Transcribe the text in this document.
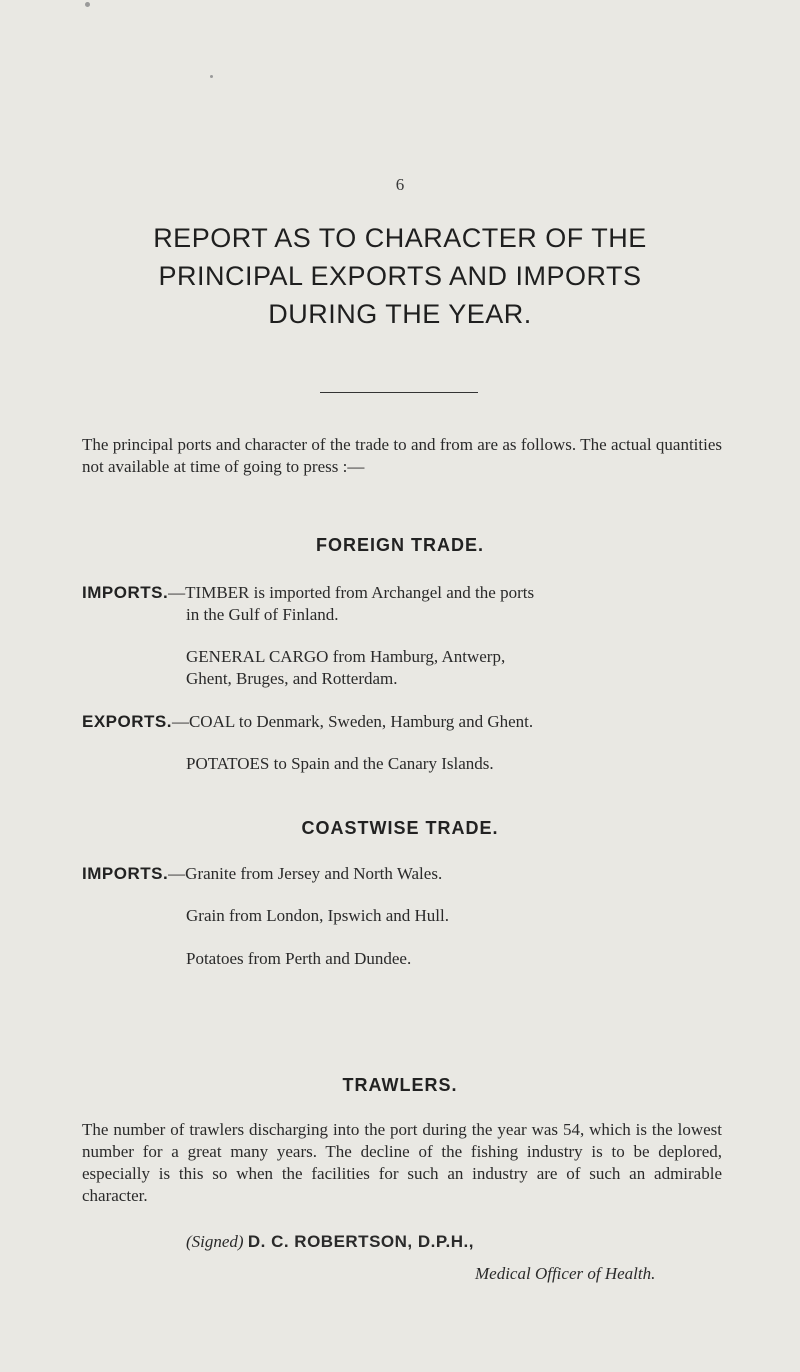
6
REPORT AS TO CHARACTER OF THE
PRINCIPAL EXPORTS AND IMPORTS
DURING THE YEAR.
The principal ports and character of the trade to and from are as follows. The actual quantities not available at time of going to press :—
FOREIGN TRADE.
IMPORTS.—TIMBER is imported from Archangel and the ports
in the Gulf of Finland.
GENERAL CARGO from Hamburg, Antwerp,
Ghent, Bruges, and Rotterdam.
EXPORTS.—COAL to Denmark, Sweden, Hamburg and Ghent.
POTATOES to Spain and the Canary Islands.
COASTWISE TRADE.
IMPORTS.—Granite from Jersey and North Wales.
Grain from London, Ipswich and Hull.
Potatoes from Perth and Dundee.
TRAWLERS.
The number of trawlers discharging into the port during the year was 54, which is the lowest number for a great many years. The decline of the fishing industry is to be deplored, especially is this so when the facilities for such an industry are of such an admirable character.
(Signed) D. C. ROBERTSON, D.P.H.,
Medical Officer of Health.
